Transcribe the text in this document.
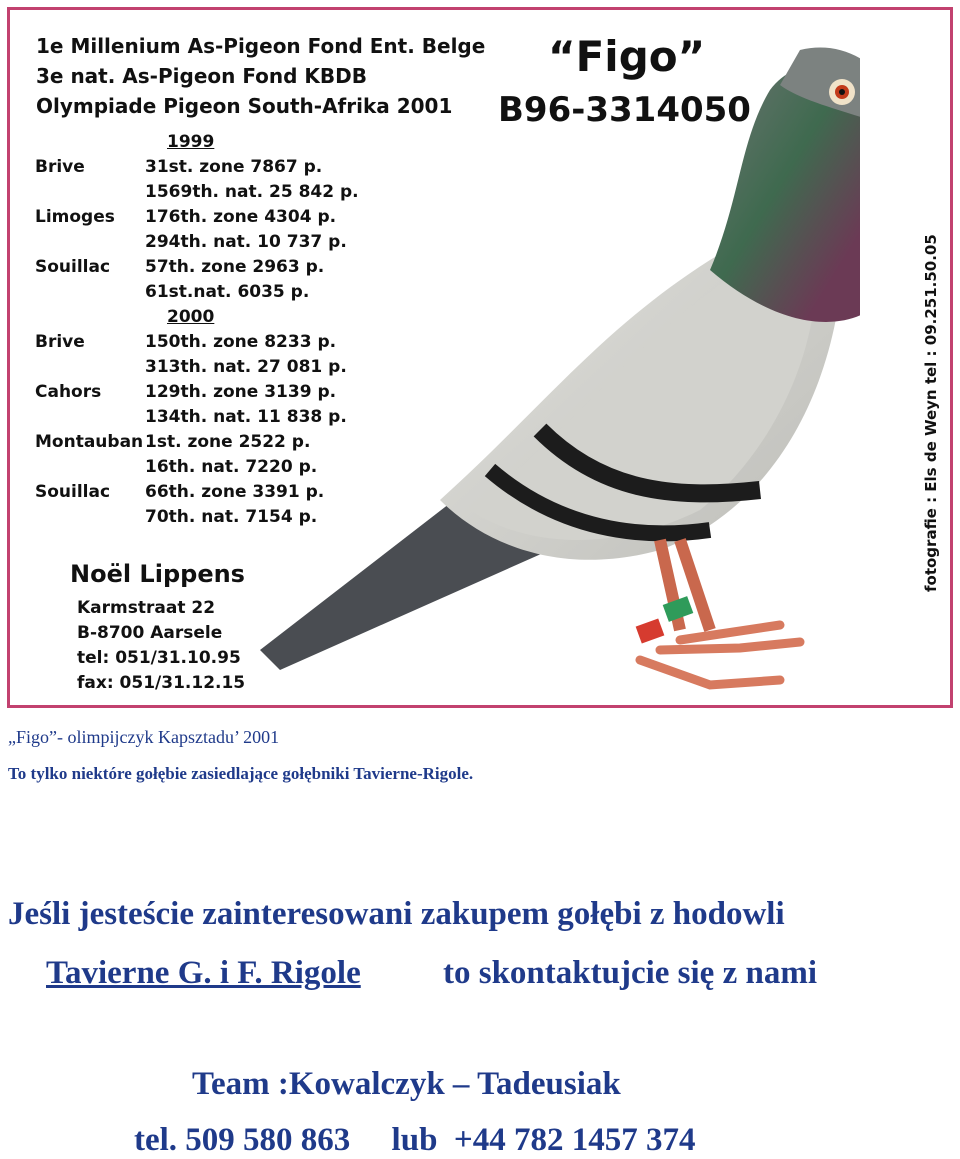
1e Millenium As-Pigeon Fond Ent. Belge
3e nat. As-Pigeon Fond KBDB
Olympiade Pigeon South-Afrika 2001
“Figo”
B96-3314050
1999
Brive	31st. zone 7867 p.
1569th. nat. 25 842 p.
Limoges 176th. zone 4304 p.
294th. nat. 10 737 p.
Souillac 57th. zone 2963 p.
61st.nat. 6035 p.
2000
Brive	150th. zone 8233 p.
313th. nat. 27 081 p.
Cahors	129th. zone 3139 p.
134th. nat. 11 838 p.
Montauban 1st. zone 2522 p.
16th. nat. 7220 p.
Souillac 66th. zone 3391 p.
70th. nat. 7154 p.
Noël Lippens
Karmstraat 22
B-8700 Aarsele
tel: 051/31.10.95
fax: 051/31.12.15
fotografie : Els de Weyn tel : 09.251.50.05
„Figo”- olimpijczyk Kapsztadu’ 2001
To tylko niektóre gołębie zasiedlające gołębniki Tavierne-Rigole.
Jeśli jesteście zainteresowani zakupem gołębi z hodowli
Tavierne G. i F. Rigole to skontaktujcie się z nami
Team :Kowalczyk – Tadeusiak
tel. 509 580 863     lub  +44 782 1457 374
